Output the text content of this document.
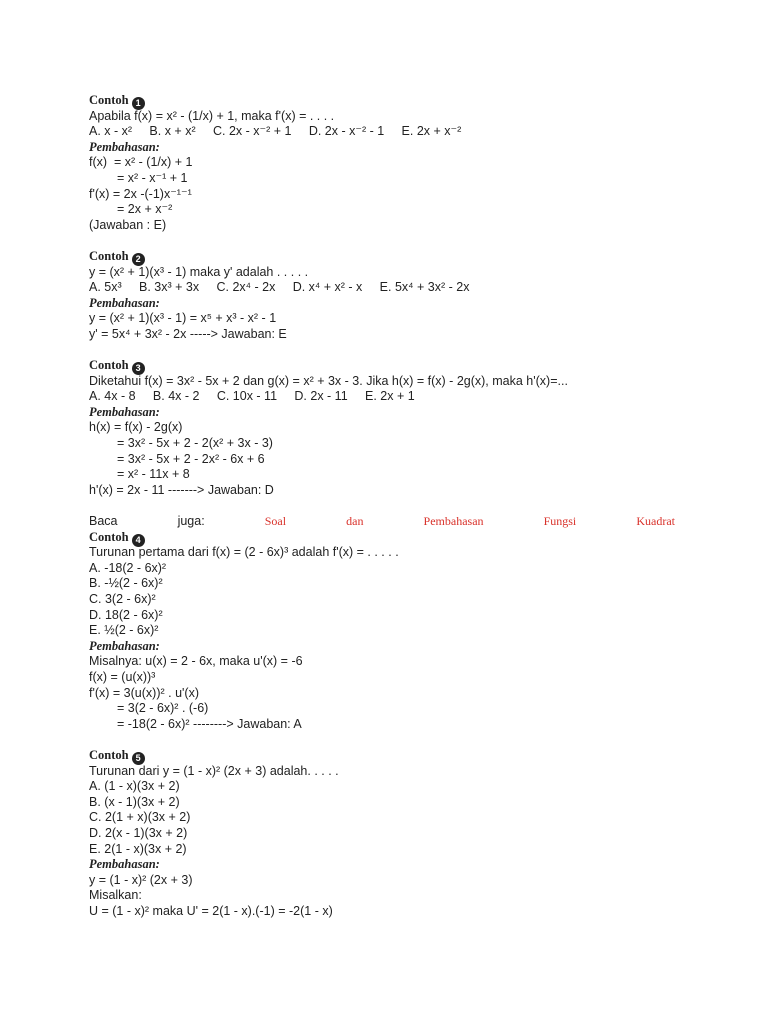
Contoh 1
Apabila f(x) = x² - (1/x) + 1, maka f'(x) = . . . .
A. x - x²     B. x + x²     C. 2x - x⁻² + 1     D. 2x - x⁻² - 1     E. 2x + x⁻²
Pembahasan:
f(x)  = x² - (1/x) + 1
= x² - x⁻¹ + 1
f'(x) = 2x -(-1)x⁻¹⁻¹
= 2x + x⁻²
(Jawaban : E)
Contoh 2
y = (x² + 1)(x³ - 1) maka y' adalah . . . . .
A. 5x³     B. 3x³ + 3x     C. 2x⁴ - 2x     D. x⁴ + x² - x     E. 5x⁴ + 3x² - 2x
Pembahasan:
y = (x² + 1)(x³ - 1) = x⁵ + x³ - x² - 1
y' = 5x⁴ + 3x² - 2x -----> Jawaban: E
Contoh 3
Diketahui f(x) = 3x² - 5x + 2 dan g(x) = x² + 3x - 3. Jika h(x) = f(x) - 2g(x), maka h'(x)=...
A. 4x - 8     B. 4x - 2     C. 10x - 11     D. 2x - 11     E. 2x + 1
Pembahasan:
h(x) = f(x) - 2g(x)
= 3x² - 5x + 2 - 2(x² + 3x - 3)
= 3x² - 5x + 2 - 2x² - 6x + 6
= x² - 11x + 8
h'(x) = 2x - 11 -------> Jawaban: D
Baca	juga:	Soal	dan	Pembahasan	Fungsi	Kuadrat
Contoh 4
Turunan pertama dari f(x) = (2 - 6x)³ adalah f'(x) = . . . . .
A. -18(2 - 6x)²
B. -½(2 - 6x)²
C. 3(2 - 6x)²
D. 18(2 - 6x)²
E. ½(2 - 6x)²
Pembahasan:
Misalnya: u(x) = 2 - 6x, maka u'(x) = -6
f(x) = (u(x))³
f'(x) = 3(u(x))² . u'(x)
= 3(2 - 6x)² . (-6)
= -18(2 - 6x)² --------> Jawaban: A
Contoh 5
Turunan dari y = (1 - x)² (2x + 3) adalah. . . . .
A. (1 - x)(3x + 2)
B. (x - 1)(3x + 2)
C. 2(1 + x)(3x + 2)
D. 2(x - 1)(3x + 2)
E. 2(1 - x)(3x + 2)
Pembahasan:
y = (1 - x)² (2x + 3)
Misalkan:
U = (1 - x)² maka U' = 2(1 - x).(-1) = -2(1 - x)
